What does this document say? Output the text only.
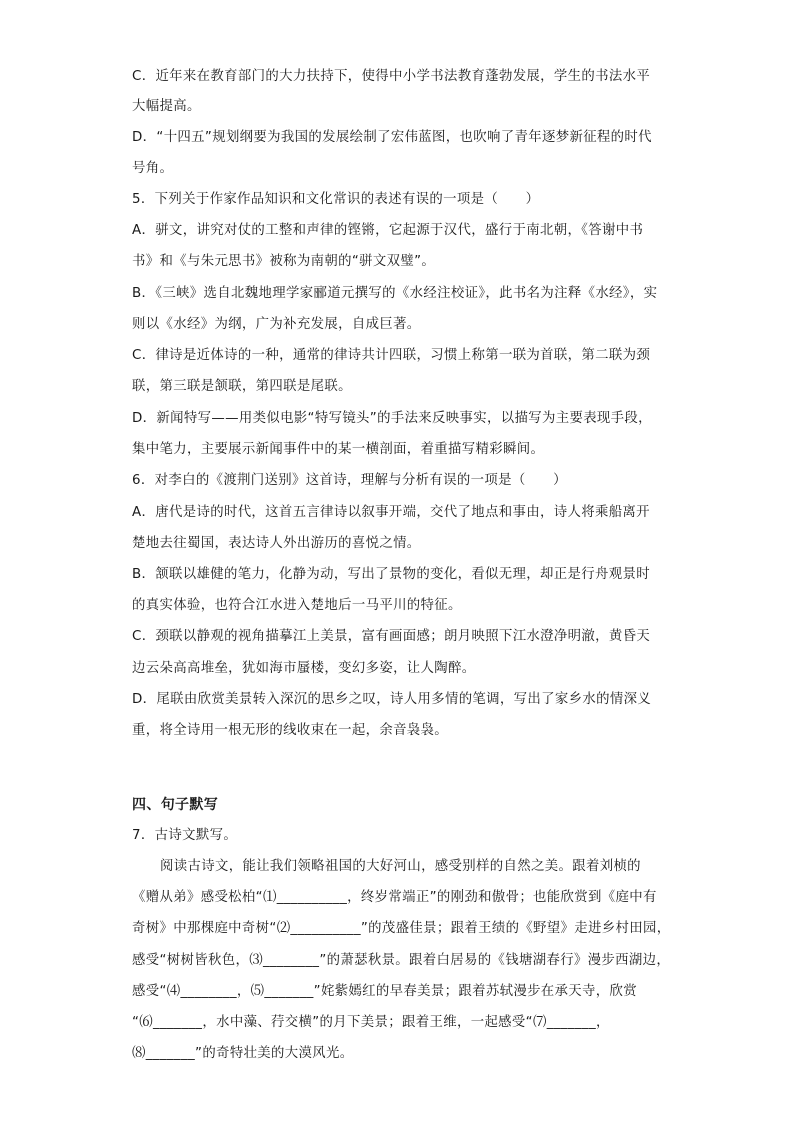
C．近年来在教育部门的大力扶持下，使得中小学书法教育蓬勃发展，学生的书法水平
大幅提高。
D．“十四五”规划纲要为我国的发展绘制了宏伟蓝图，也吹响了青年逐梦新征程的时代
号角。
5．下列关于作家作品知识和文化常识的表述有误的一项是（　　）
A．骈文，讲究对仗的工整和声律的铿锵，它起源于汉代，盛行于南北朝，《答谢中书
书》和《与朱元思书》被称为南朝的“骈文双璧”。
B．《三峡》选自北魏地理学家郦道元撰写的《水经注校证》，此书名为注释《水经》，实
则以《水经》为纲，广为补充发展，自成巨著。
C．律诗是近体诗的一种，通常的律诗共计四联，习惯上称第一联为首联，第二联为颈
联，第三联是颔联，第四联是尾联。
D．新闻特写——用类似电影“特写镜头”的手法来反映事实，以描写为主要表现手段，
集中笔力，主要展示新闻事件中的某一横剖面，着重描写精彩瞬间。
6．对李白的《渡荆门送别》这首诗，理解与分析有误的一项是（　　）
A．唐代是诗的时代，这首五言律诗以叙事开端，交代了地点和事由，诗人将乘船离开
楚地去往蜀国，表达诗人外出游历的喜悦之情。
B．颔联以雄健的笔力，化静为动，写出了景物的变化，看似无理，却正是行舟观景时
的真实体验，也符合江水进入楚地后一马平川的特征。
C．颈联以静观的视角描摹江上美景，富有画面感；朗月映照下江水澄净明澈，黄昏天
边云朵高高堆垒，犹如海市蜃楼，变幻多姿，让人陶醉。
D．尾联由欣赏美景转入深沉的思乡之叹，诗人用多情的笔调，写出了家乡水的情深义
重，将全诗用一根无形的线收束在一起，余音袅袅。
四、句子默写
7．古诗文默写。
阅读古诗文，能让我们领略祖国的大好河山，感受别样的自然之美。跟着刘桢的
《赠从弟》感受松柏“⑴__________，终岁常端正”的刚劲和傲骨；也能欣赏到《庭中有
奇树》中那棵庭中奇树“⑵__________”的茂盛佳景；跟着王绩的《野望》走进乡村田园，
感受“树树皆秋色，⑶________”的萧瑟秋景。跟着白居易的《钱塘湖春行》漫步西湖边，
感受“⑷________，⑸_______”姹紫嫣红的早春美景；跟着苏轼漫步在承天寺，欣赏
“⑹_______，水中藻、荇交横”的月下美景；跟着王维，一起感受“⑺_______，
⑻_______”的奇特壮美的大漠风光。
